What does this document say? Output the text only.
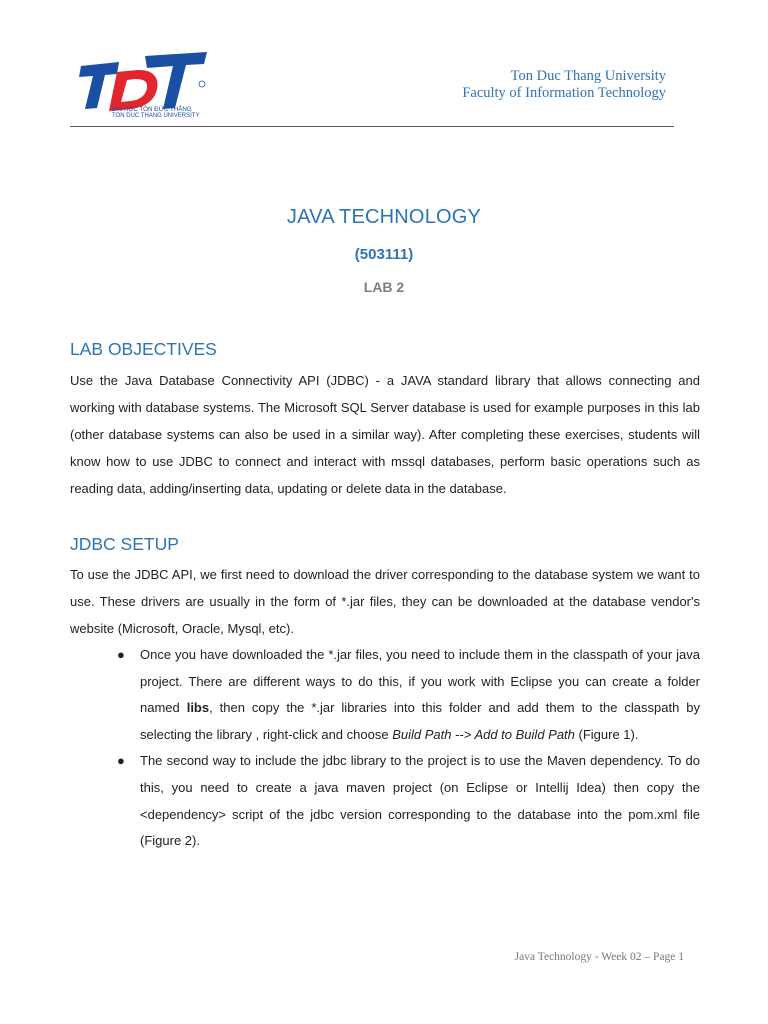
ĐẠI HỌC TÔN ĐỨC THẮNG
TON DUC THANG UNIVERSITY
Ton Duc Thang University
Faculty of Information Technology
JAVA TECHNOLOGY
(503111)
LAB 2
LAB OBJECTIVES

Use the Java Database Connectivity API (JDBC) - a JAVA standard library that allows connecting and working with database systems. The Microsoft SQL Server database is used for example purposes in this lab (other database systems can also be used in a similar way). After completing these exercises, students will know how to use JDBC to connect and interact with mssql databases, perform basic operations such as reading data, adding/inserting data, updating or delete data in the database.

JDBC SETUP

To use the JDBC API, we first need to download the driver corresponding to the database system we want to use. These drivers are usually in the form of *.jar files, they can be downloaded at the database vendor's website (Microsoft, Oracle, Mysql, etc).

● Once you have downloaded the *.jar files, you need to include them in the classpath of your java project. There are different ways to do this, if you work with Eclipse you can create a folder named libs, then copy the *.jar libraries into this folder and add them to the classpath by selecting the library , right-click and choose Build Path --> Add to Build Path (Figure 1).
● The second way to include the jdbc library to the project is to use the Maven dependency. To do this, you need to create a java maven project (on Eclipse or Intellij Idea) then copy the <dependency> script of the jdbc version corresponding to the database into the pom.xml file (Figure 2).
Java Technology - Week 02 – Page 1
